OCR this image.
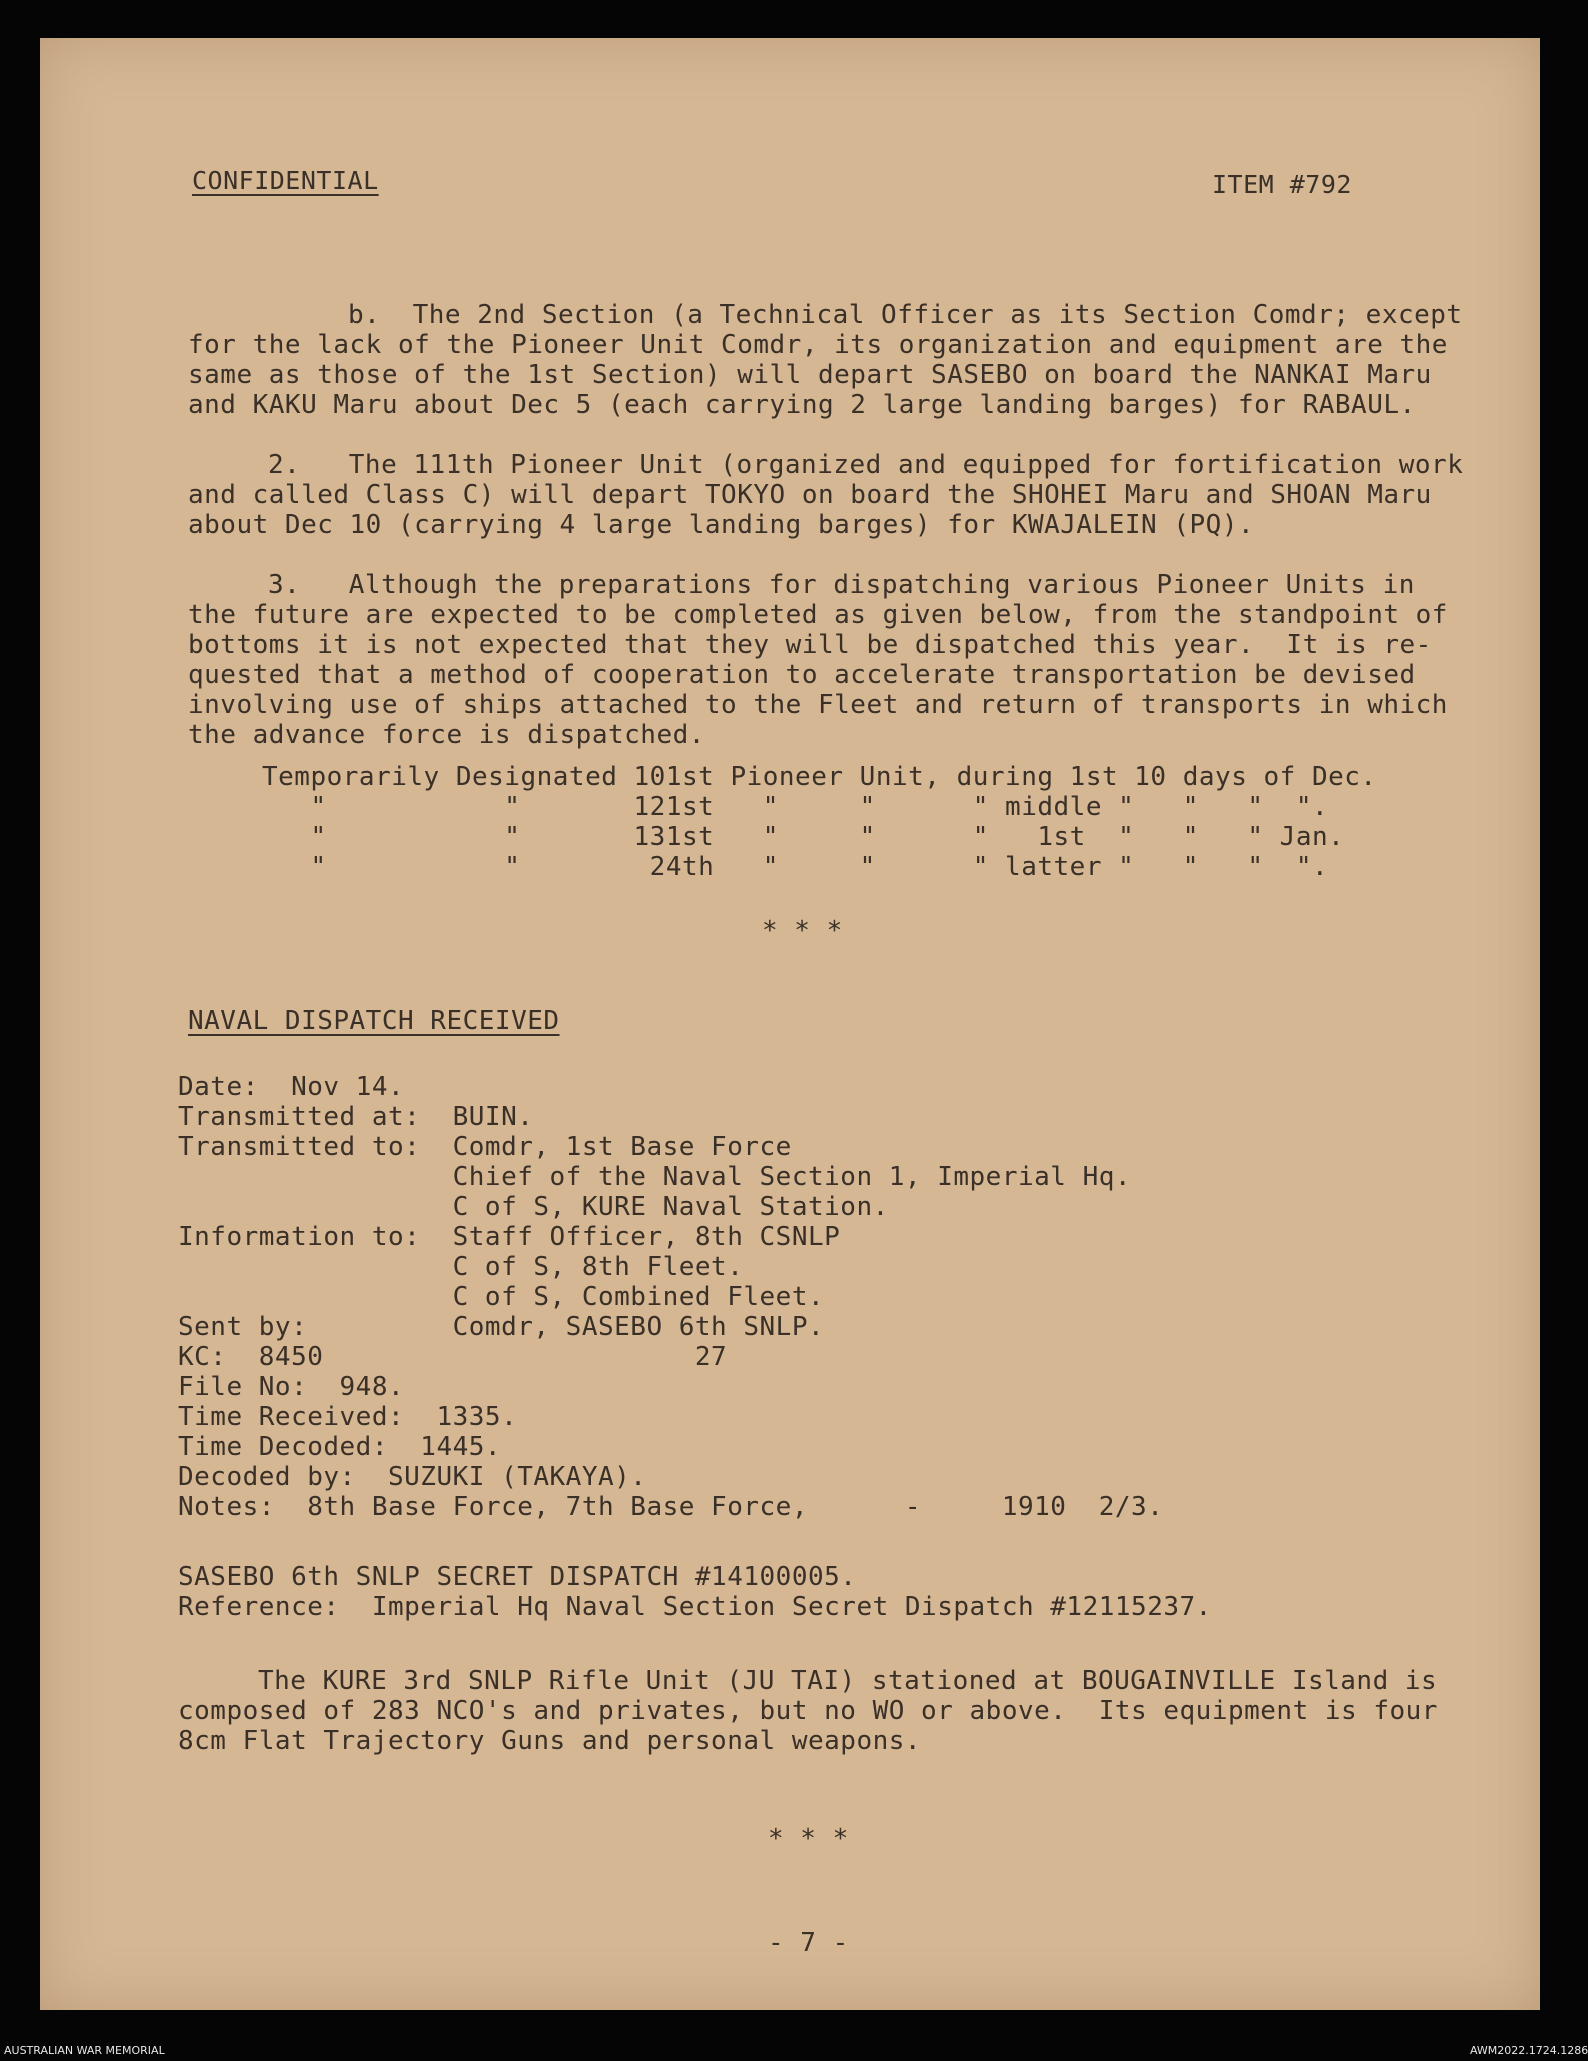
CONFIDENTIAL	ITEM #792
b.  The 2nd Section (a Technical Officer as its Section Comdr; except
for the lack of the Pioneer Unit Comdr, its organization and equipment are the
same as those of the 1st Section) will depart SASEBO on board the NANKAI Maru
and KAKU Maru about Dec 5 (each carrying 2 large landing barges) for RABAUL.
2.   The 111th Pioneer Unit (organized and equipped for fortification work
and called Class C) will depart TOKYO on board the SHOHEI Maru and SHOAN Maru
about Dec 10 (carrying 4 large landing barges) for KWAJALEIN (PQ).
3.   Although the preparations for dispatching various Pioneer Units in
the future are expected to be completed as given below, from the standpoint of
bottoms it is not expected that they will be dispatched this year.  It is re-
quested that a method of cooperation to accelerate transportation be devised
involving use of ships attached to the Fleet and return of transports in which
the advance force is dispatched.
Temporarily Designated 101st Pioneer Unit, during 1st 10 days of Dec.
"           "       121st   "     "      " middle "   "   "  ".
"           "       131st   "     "      "   1st  "   "   " Jan.
"           "        24th   "     "      " latter "   "   "  ".
* * *
NAVAL DISPATCH RECEIVED
Date:  Nov 14.
Transmitted at:  BUIN.
Transmitted to:  Comdr, 1st Base Force
Chief of the Naval Section 1, Imperial Hq.
C of S, KURE Naval Station.
Information to:  Staff Officer, 8th CSNLP
C of S, 8th Fleet.
C of S, Combined Fleet.
Sent by:         Comdr, SASEBO 6th SNLP.
KC:  8450                       27
File No:  948.
Time Received:  1335.
Time Decoded:  1445.
Decoded by:  SUZUKI (TAKAYA).
Notes:  8th Base Force, 7th Base Force,      -     1910  2/3.
SASEBO 6th SNLP SECRET DISPATCH #14100005.
Reference:  Imperial Hq Naval Section Secret Dispatch #12115237.
The KURE 3rd SNLP Rifle Unit (JU TAI) stationed at BOUGAINVILLE Island is
composed of 283 NCO's and privates, but no WO or above.  Its equipment is four
8cm Flat Trajectory Guns and personal weapons.
* * *
- 7 -
AUSTRALIAN WAR MEMORIAL	AWM2022.1724.1286
